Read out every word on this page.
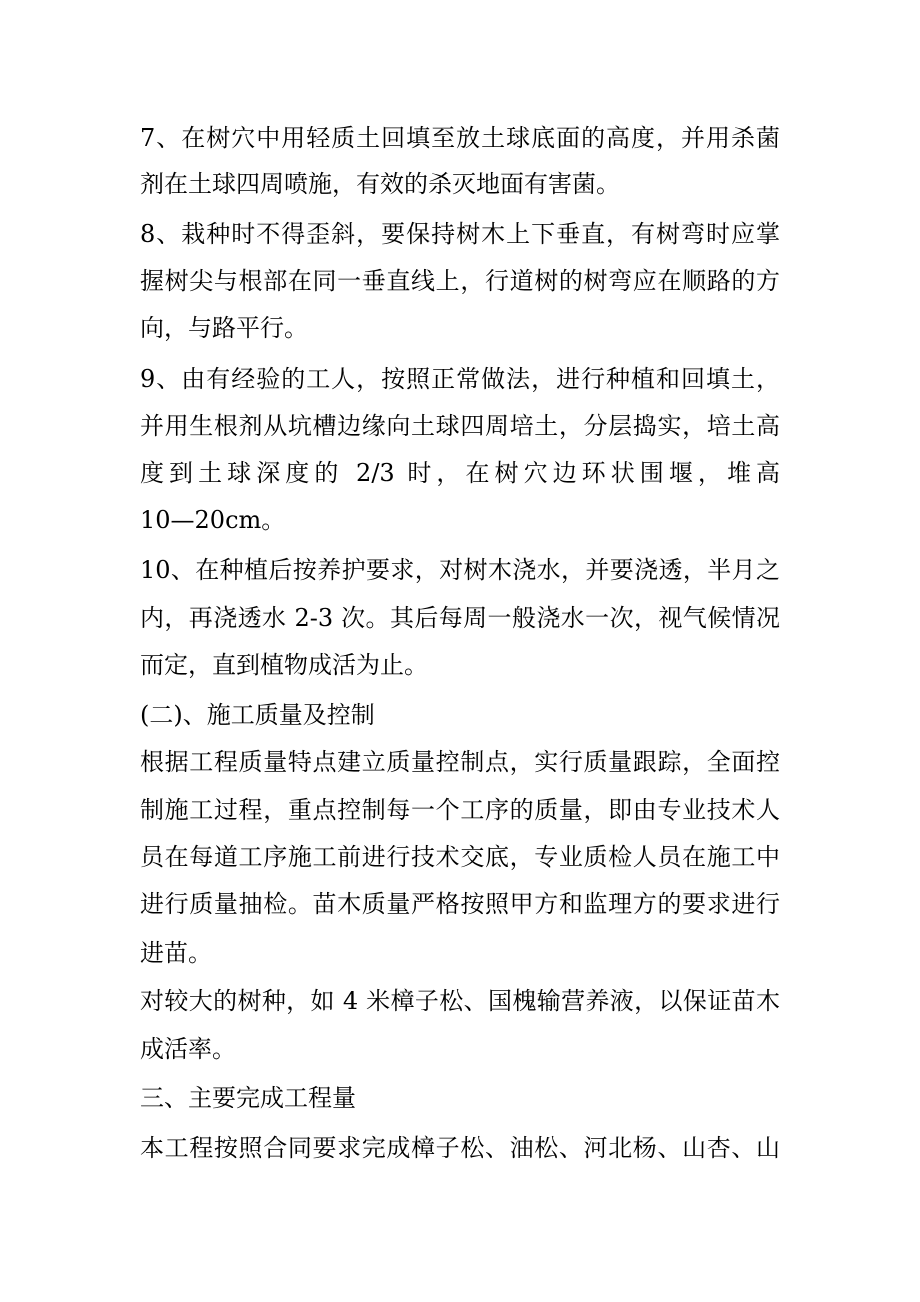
7、在树穴中用轻质土回填至放土球底面的高度，并用杀菌
剂在土球四周喷施，有效的杀灭地面有害菌。
8、栽种时不得歪斜，要保持树木上下垂直，有树弯时应掌
握树尖与根部在同一垂直线上，行道树的树弯应在顺路的方
向，与路平行。
9、由有经验的工人，按照正常做法，进行种植和回填土，
并用生根剂从坑槽边缘向土球四周培土，分层捣实，培土高
度到土球深度的 2/3 时，在树穴边环状围堰，堆高
10—20cm。
10、在种植后按养护要求，对树木浇水，并要浇透，半月之
内，再浇透水 2-3 次。其后每周一般浇水一次，视气候情况
而定，直到植物成活为止。
(二)、施工质量及控制
根据工程质量特点建立质量控制点，实行质量跟踪，全面控
制施工过程，重点控制每一个工序的质量，即由专业技术人
员在每道工序施工前进行技术交底，专业质检人员在施工中
进行质量抽检。苗木质量严格按照甲方和监理方的要求进行
进苗。
对较大的树种，如 4 米樟子松、国槐输营养液，以保证苗木
成活率。
三、主要完成工程量
本工程按照合同要求完成樟子松、油松、河北杨、山杏、山
